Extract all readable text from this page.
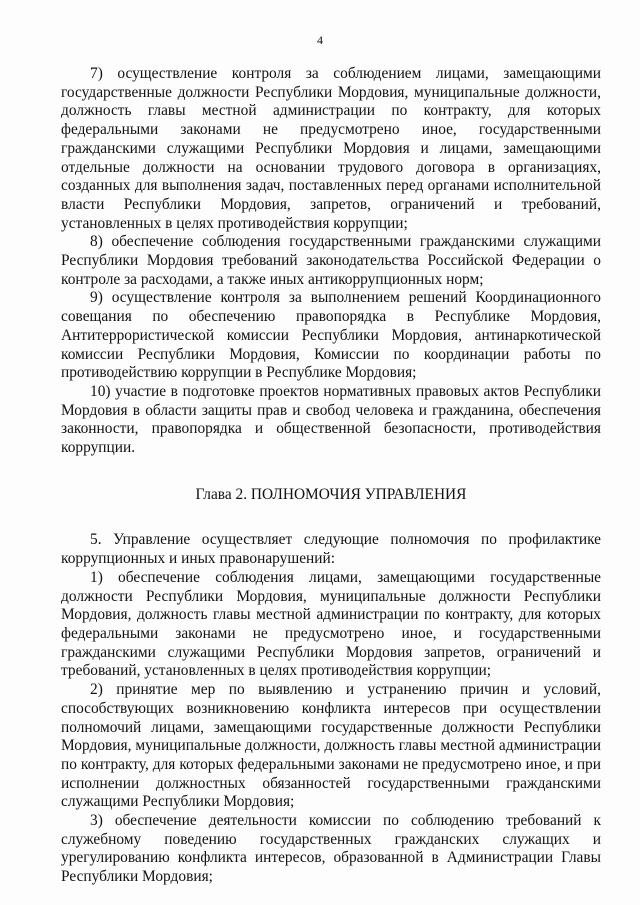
4

7) осуществление контроля за соблюдением лицами, замещающими государственные должности Республики Мордовия, муниципальные должности, должность главы местной администрации по контракту, для которых федеральными законами не предусмотрено иное, государственными гражданскими служащими Республики Мордовия и лицами, замещающими отдельные должности на основании трудового договора в организациях, созданных для выполнения задач, поставленных перед органами исполнительной власти Республики Мордовия, запретов, ограничений и требований, установленных в целях противодействия коррупции;

8) обеспечение соблюдения государственными гражданскими служащими Республики Мордовия требований законодательства Российской Федерации о контроле за расходами, а также иных антикоррупционных норм;

9) осуществление контроля за выполнением решений Координационного совещания по обеспечению правопорядка в Республике Мордовия, Антитеррористической комиссии Республики Мордовия, антинаркотической комиссии Республики Мордовия, Комиссии по координации работы по противодействию коррупции в Республике Мордовия;

10) участие в подготовке проектов нормативных правовых актов Республики Мордовия в области защиты прав и свобод человека и гражданина, обеспечения законности, правопорядка и общественной безопасности, противодействия коррупции.

Глава 2. ПОЛНОМОЧИЯ УПРАВЛЕНИЯ

5. Управление осуществляет следующие полномочия по профилактике коррупционных и иных правонарушений:

1) обеспечение соблюдения лицами, замещающими государственные должности Республики Мордовия, муниципальные должности Республики Мордовия, должность главы местной администрации по контракту, для которых федеральными законами не предусмотрено иное, и государственными гражданскими служащими Республики Мордовия запретов, ограничений и требований, установленных в целях противодействия коррупции;

2) принятие мер по выявлению и устранению причин и условий, способствующих возникновению конфликта интересов при осуществлении полномочий лицами, замещающими государственные должности Республики Мордовия, муниципальные должности, должность главы местной администрации по контракту, для которых федеральными законами не предусмотрено иное, и при исполнении должностных обязанностей государственными гражданскими служащими Республики Мордовия;

3) обеспечение деятельности комиссии по соблюдению требований к служебному поведению государственных гражданских служащих и урегулированию конфликта интересов, образованной в Администрации Главы Республики Мордовия;
